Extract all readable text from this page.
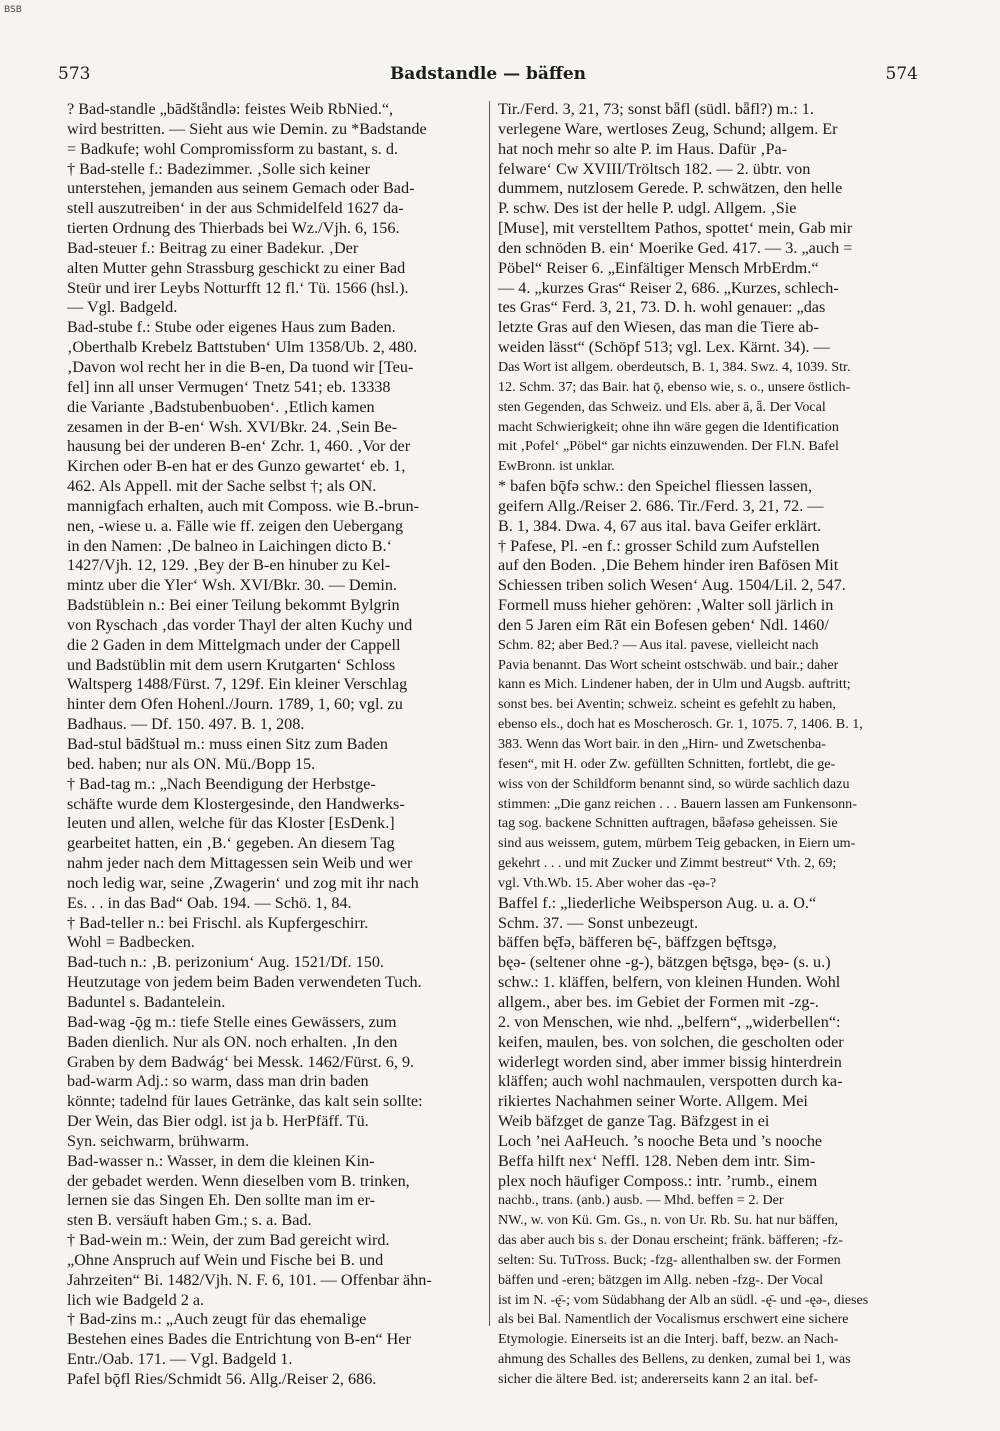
BSB
573	Badstandle — bäffen	574
? Bad-standle „bādštǟndlə: feistes Weib RbNied.“,
wird bestritten. — Sieht aus wie Demin. zu *Badstande
= Badkufe; wohl Compromissform zu bastant, s. d.
† Bad-stelle f.: Badezimmer. ‚Solle sich keiner
unterstehen, jemanden aus seinem Gemach oder Bad-
stell auszutreiben‘ in der aus Schmidelfeld 1627 da-
tierten Ordnung des Thierbads bei Wz./Vjh. 6, 156.
Bad-steuer f.: Beitrag zu einer Badekur. ‚Der
alten Mutter gehn Strassburg geschickt zu einer Bad
Steür und irer Leybs Notturfft 12 fl.‘ Tü. 1566 (hsl.).
— Vgl. Badgeld.
Bad-stube f.: Stube oder eigenes Haus zum Baden.
‚Oberthalb Krebelz Battstuben‘ Ulm 1358/Ub. 2, 480.
‚Davon wol recht her in die B-en, Da tuond wir [Teu-
fel] inn all unser Vermugen‘ Tnetz 541; eb. 13338
die Variante ‚Badstubenbuoben‘. ‚Etlich kamen
zesamen in der B-en‘ Wsh. XVI/Bkr. 24. ‚Sein Be-
hausung bei der underen B-en‘ Zchr. 1, 460. ‚Vor der
Kirchen oder B-en hat er des Gunzo gewartet‘ eb. 1,
462. Als Appell. mit der Sache selbst †; als ON.
mannigfach erhalten, auch mit Composs. wie B.-brun-
nen, -wiese u. a. Fälle wie ff. zeigen den Uebergang
in den Namen: ‚De balneo in Laichingen dicto B.‘
1427/Vjh. 12, 129. ‚Bey der B-en hinuber zu Kel-
mintz uber die Yler‘ Wsh. XVI/Bkr. 30. — Demin.
Badstüblein n.: Bei einer Teilung bekommt Bylgrin
von Ryschach ‚das vorder Thayl der alten Kuchy und
die 2 Gaden in dem Mittelgmach under der Cappell
und Badstüblin mit dem usern Krutgarten‘ Schloss
Waltsperg 1488/Fürst. 7, 129f. Ein kleiner Verschlag
hinter dem Ofen Hohenl./Journ. 1789, 1, 60; vgl. zu
Badhaus. — Df. 150. 497. B. 1, 208.
Bad-stul bādštuəl m.: muss einen Sitz zum Baden
bed. haben; nur als ON. Mü./Bopp 15.
† Bad-tag m.: „Nach Beendigung der Herbstge-
schäfte wurde dem Klostergesinde, den Handwerks-
leuten und allen, welche für das Kloster [EsDenk.]
gearbeitet hatten, ein ‚B.‘ gegeben. An diesem Tag
nahm jeder nach dem Mittagessen sein Weib und wer
noch ledig war, seine ‚Zwagerin‘ und zog mit ihr nach
Es. . . in das Bad“ Oab. 194. — Schö. 1, 84.
† Bad-teller n.: bei Frischl. als Kupfergeschirr.
Wohl = Badbecken.
Bad-tuch n.: ‚B. perizonium‘ Aug. 1521/Df. 150.
Heutzutage von jedem beim Baden verwendeten Tuch.
Baduntel s. Badantelein.
Bad-wag -ǭg m.: tiefe Stelle eines Gewässers, zum
Baden dienlich. Nur als ON. noch erhalten. ‚In den
Graben by dem Badwág‘ bei Messk. 1462/Fürst. 6, 9.
bad-warm Adj.: so warm, dass man drin baden
könnte; tadelnd für laues Getränke, das kalt sein sollte:
Der Wein, das Bier odgl. ist ja b. HerPfäff. Tü.
Syn. seichwarm, brühwarm.
Bad-wasser n.: Wasser, in dem die kleinen Kin-
der gebadet werden. Wenn dieselben vom B. trinken,
lernen sie das Singen Eh. Den sollte man im er-
sten B. versäuft haben Gm.; s. a. Bad.
† Bad-wein m.: Wein, der zum Bad gereicht wird.
„Ohne Anspruch auf Wein und Fische bei B. und
Jahrzeiten“ Bi. 1482/Vjh. N. F. 6, 101. — Offenbar ähn-
lich wie Badgeld 2 a.
† Bad-zins m.: „Auch zeugt für das ehemalige
Bestehen eines Bades die Entrichtung von B-en“ Her
Entr./Oab. 171. — Vgl. Badgeld 1.
Pafel bǭfl Ries/Schmidt 56. Allg./Reiser 2, 686.
Tir./Ferd. 3, 21, 73; sonst bǟfl (südl. bǟfl?) m.: 1.
verlegene Ware, wertloses Zeug, Schund; allgem. Er
hat noch mehr so alte P. im Haus. Dafür ‚Pa-
felware‘ Cw XVIII/Tröltsch 182. — 2. übtr. von
dummem, nutzlosem Gerede. P. schwätzen, den helle
P. schw. Des ist der helle P. udgl. Allgem. ‚Sie
[Muse], mit verstelltem Pathos, spottet‘ mein, Gab mir
den schnöden B. ein‘ Moerike Ged. 417. — 3. „auch =
Pöbel“ Reiser 6. „Einfältiger Mensch MrbErdm.“
— 4. „kurzes Gras“ Reiser 2, 686. „Kurzes, schlech-
tes Gras“ Ferd. 3, 21, 73. D. h. wohl genauer: „das
letzte Gras auf den Wiesen, das man die Tiere ab-
weiden lässt“ (Schöpf 513; vgl. Lex. Kärnt. 34). —
Das Wort ist allgem. oberdeutsch, B. 1, 384. Swz. 4, 1039. Str.
12. Schm. 37; das Bair. hat ǭ, ebenso wie, s. o., unsere östlich-
sten Gegenden, das Schweiz. und Els. aber ā, ǟ. Der Vocal
macht Schwierigkeit; ohne ihn wäre gegen die Identification
mit ‚Pofel‘ „Pöbel“ gar nichts einzuwenden. Der Fl.N. Bafel
EwBronn. ist unklar.
* bafen bǭfə schw.: den Speichel fliessen lassen,
geifern Allg./Reiser 2. 686. Tir./Ferd. 3, 21, 72. —
B. 1, 384. Dwa. 4, 67 aus ital. bava Geifer erklärt.
† Pafese, Pl. -en f.: grosser Schild zum Aufstellen
auf den Boden. ‚Die Behem hinder iren Bafösen Mit
Schiessen triben solich Wesen‘ Aug. 1504/Lil. 2, 547.
Formell muss hieher gehören: ‚Walter soll järlich in
den 5 Jaren eim Rāt ein Bofesen geben‘ Ndl. 1460/
Schm. 82; aber Bed.? — Aus ital. pavese, vielleicht nach
Pavia benannt. Das Wort scheint ostschwäb. und bair.; daher
kann es Mich. Lindener haben, der in Ulm und Augsb. auftritt;
sonst bes. bei Aventin; schweiz. scheint es gefehlt zu haben,
ebenso els., doch hat es Moscherosch. Gr. 1, 1075. 7, 1406. B. 1,
383. Wenn das Wort bair. in den „Hirn- und Zwetschenba-
fesen“, mit H. oder Zw. gefüllten Schnitten, fortlebt, die ge-
wiss von der Schildform benannt sind, so würde sachlich dazu
stimmen: „Die ganz reichen . . . Bauern lassen am Funkensonn-
tag sog. backene Schnitten auftragen, bǟəfəsə geheissen. Sie
sind aus weissem, gutem, mürbem Teig gebacken, in Eiern um-
gekehrt . . . und mit Zucker und Zimmt bestreut“ Vth. 2, 69;
vgl. Vth.Wb. 15. Aber woher das -ęə-?
Baffel f.: „liederliche Weibsperson Aug. u. a. O.“
Schm. 37. — Sonst unbezeugt.
bäffen bę̄fə, bäfferen bę̄-, bäffzgen bę̄ftsgə,
bęə- (seltener ohne -g-), bätzgen bę̄tsgə, bęə- (s. u.)
schw.: 1. kläffen, belfern, von kleinen Hunden. Wohl
allgem., aber bes. im Gebiet der Formen mit -zg-.
2. von Menschen, wie nhd. „belfern“, „widerbellen“:
keifen, maulen, bes. von solchen, die gescholten oder
widerlegt worden sind, aber immer bissig hinterdrein
kläffen; auch wohl nachmaulen, verspotten durch ka-
rikiertes Nachahmen seiner Worte. Allgem. Mei
Weib bäfzget de ganze Tag. Bäfzgest in ei
Loch ’nei AaHeuch. ’s nooche Beta und ’s nooche
Beffa hilft nex‘ Neffl. 128. Neben dem intr. Sim-
plex noch häufiger Composs.: intr. ’rumb., einem
nachb., trans. (anb.) ausb. — Mhd. beffen = 2. Der
NW., w. von Kü. Gm. Gs., n. von Ur. Rb. Su. hat nur bäffen,
das aber auch bis s. der Donau erscheint; fränk. bäfferen; -fz-
selten: Su. TuTross. Buck; -fzg- allenthalben sw. der Formen
bäffen und -eren; bätzgen im Allg. neben -fzg-. Der Vocal
ist im N. -ę̄-; vom Südabhang der Alb an südl. -ę̄- und -ęə-, dieses
als bei Bal. Namentlich der Vocalismus erschwert eine sichere
Etymologie. Einerseits ist an die Interj. baff, bezw. an Nach-
ahmung des Schalles des Bellens, zu denken, zumal bei 1, was
sicher die ältere Bed. ist; andererseits kann 2 an ital. bef-
